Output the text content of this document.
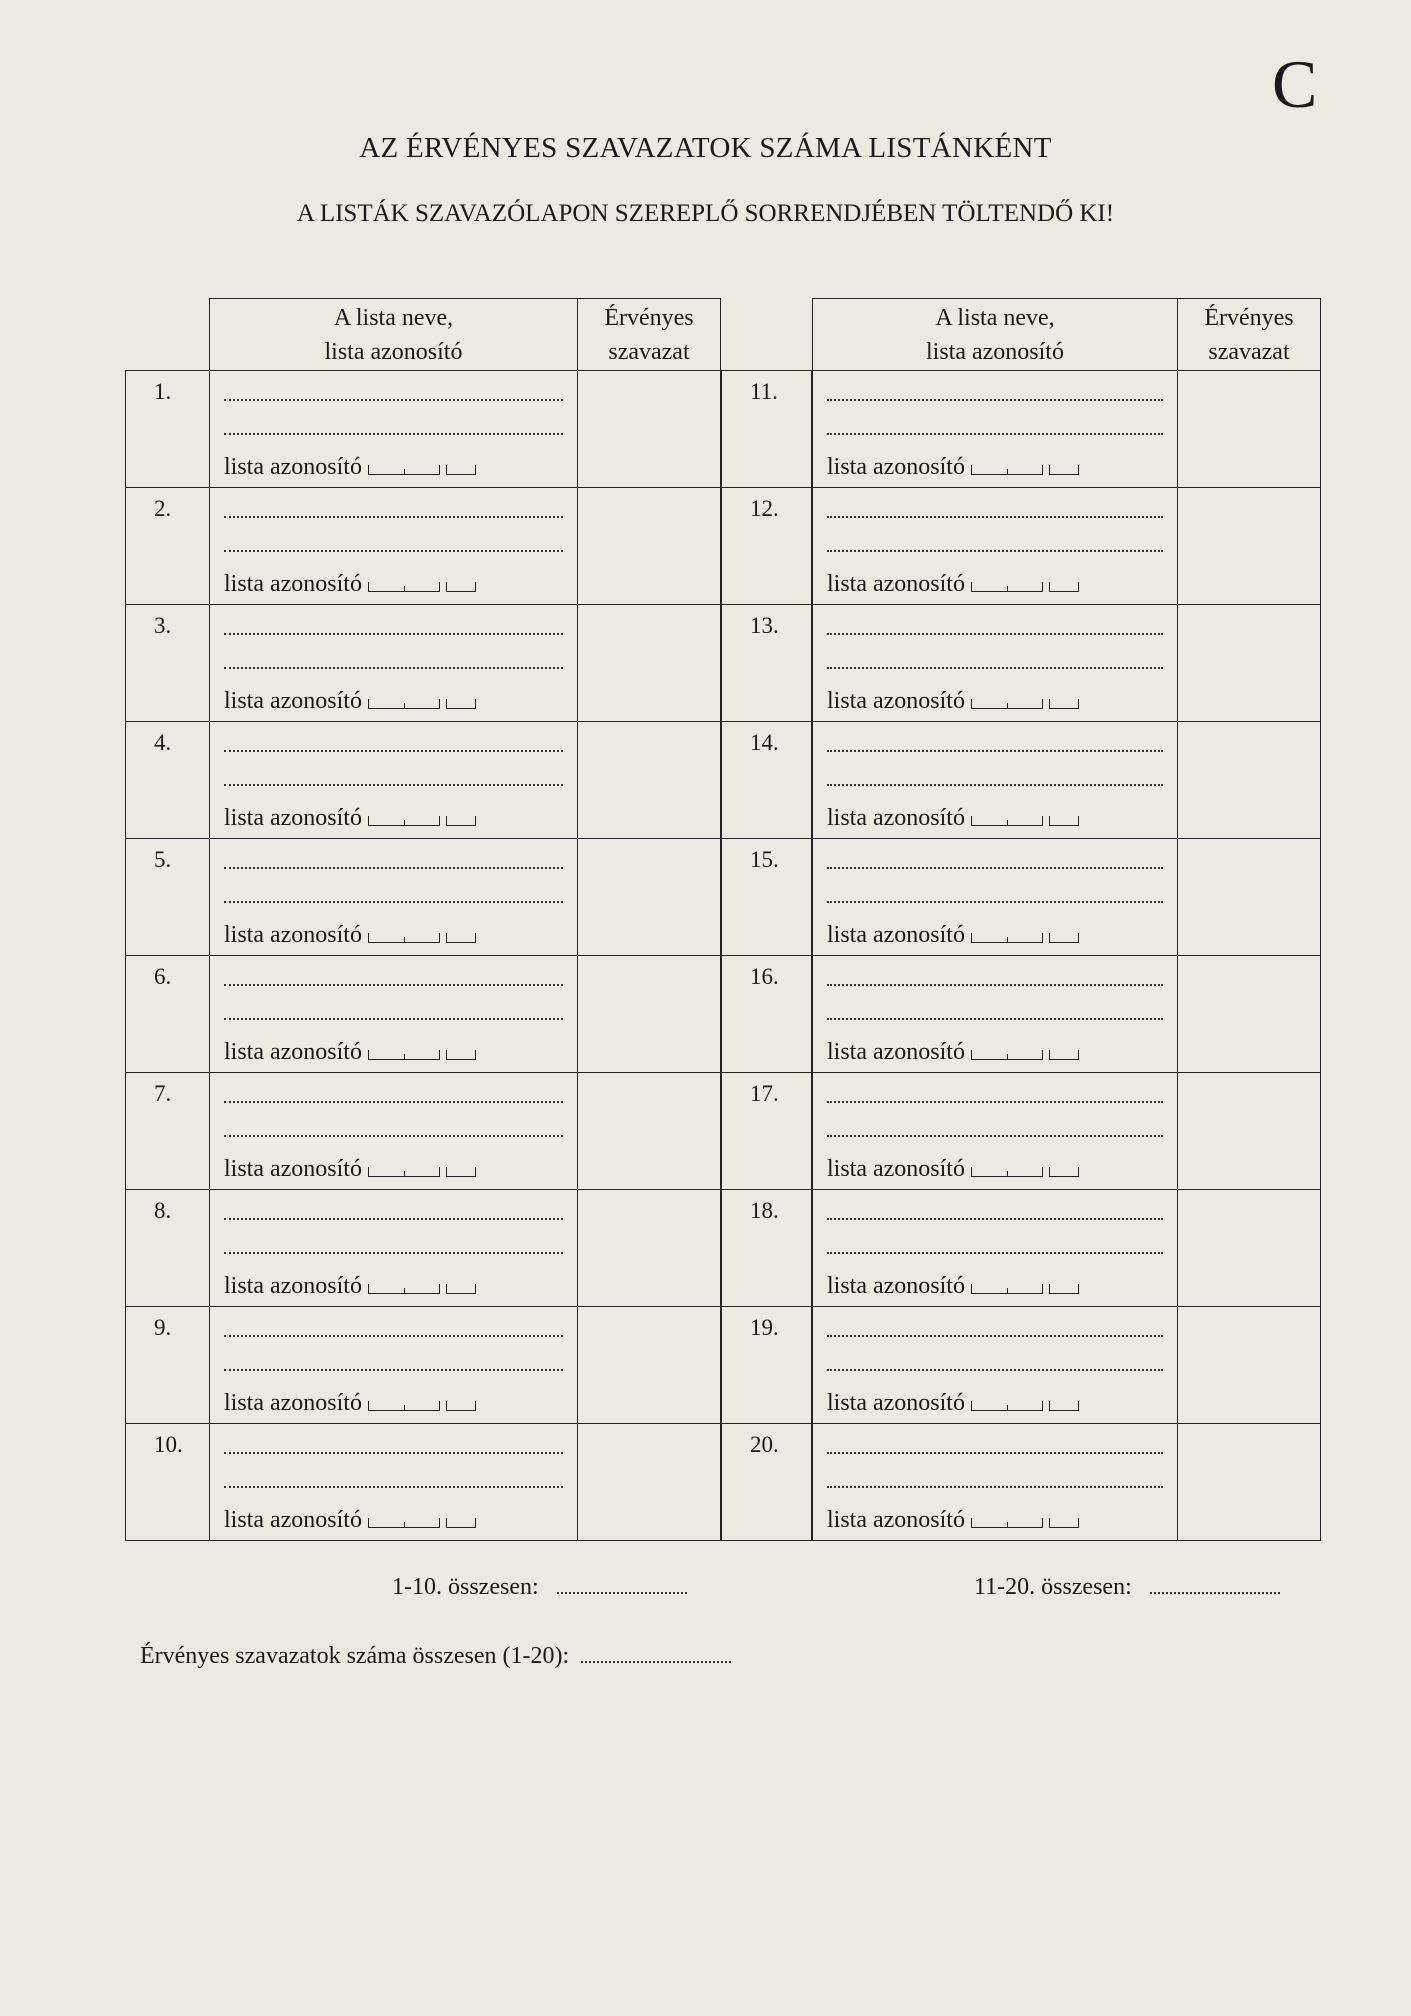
C
AZ ÉRVÉNYES SZAVAZATOK SZÁMA LISTÁNKÉNT
A LISTÁK SZAVAZÓLAPON SZEREPLŐ SORRENDJÉBEN TÖLTENDŐ KI!
A lista neve,
lista azonosító
Érvényes
szavazat
A lista neve,
lista azonosító
Érvényes
szavazat
1.
lista azonosító
2.
lista azonosító
3.
lista azonosító
4.
lista azonosító
5.
lista azonosító
6.
lista azonosító
7.
lista azonosító
8.
lista azonosító
9.
lista azonosító
10.
lista azonosító
11.
lista azonosító
12.
lista azonosító
13.
lista azonosító
14.
lista azonosító
15.
lista azonosító
16.
lista azonosító
17.
lista azonosító
18.
lista azonosító
19.
lista azonosító
20.
lista azonosító
1-10. összesen:	11-20. összesen:
Érvényes szavazatok száma összesen (1-20):
